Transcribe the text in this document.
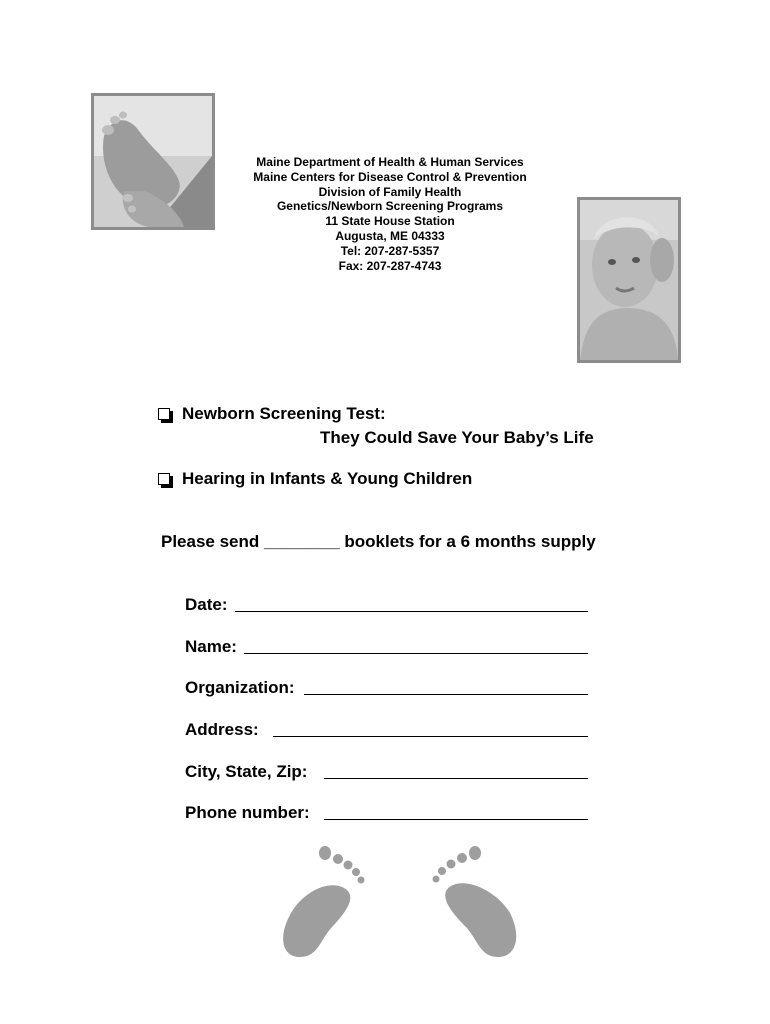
Maine Department of Health & Human Services
Maine Centers for Disease Control & Prevention
Division of Family Health
Genetics/Newborn Screening Programs
11 State House Station
Augusta, ME 04333
Tel: 207-287-5357
Fax: 207-287-4743
Newborn Screening Test:
They Could Save Your Baby’s Life
Hearing in Infants & Young Children
Please send ________ booklets for a 6 months supply
Date:
Name:
Organization:
Address:
City, State, Zip:
Phone number:
